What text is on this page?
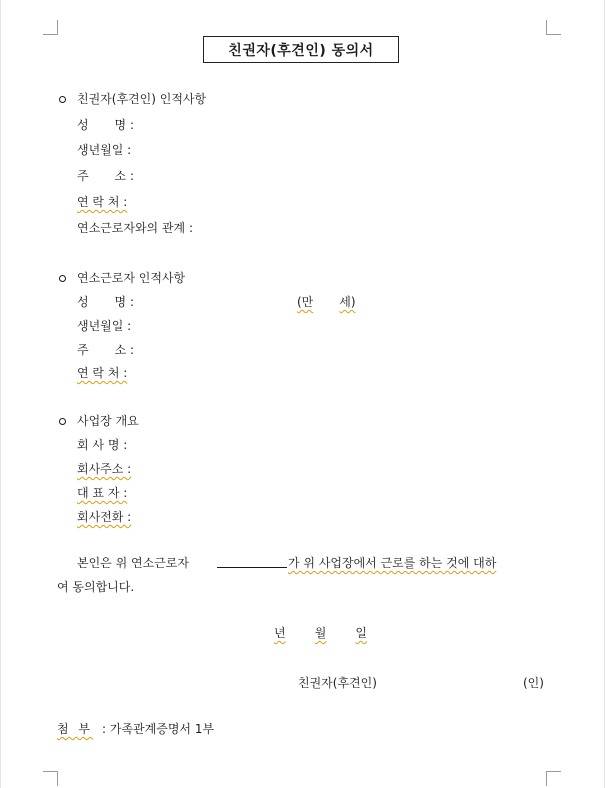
친권자(후견인) 동의서
친권자(후견인) 인적사항
성 명 :
생년월일 :
주 소 :
연 락 처 :
연소근로자와의 관계 :
연소근로자 인적사항
성 명 :	(만 세)
생년월일 :
주 소 :
연 락 처 :
사업장 개요
회 사 명 :
회사주소 :
대 표 자 :
회사전화 :
본인은 위 연소근로자	가 위 사업장에서 근로를 하는 것에 대하
여 동의합니다.
년 월 일
친권자(후견인)	(인)
첨 부 : 가족관계증명서 1부
